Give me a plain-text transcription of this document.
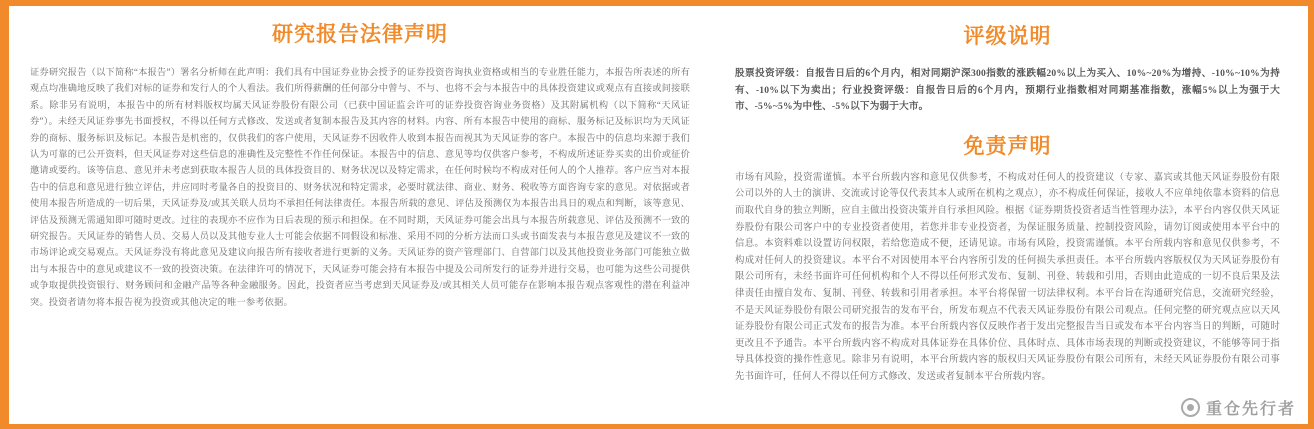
研究报告法律声明

证券研究报告（以下简称“本报告”）署名分析师在此声明：我们具有中国证券业协会授予的证券投资咨询执业资格或相当的专业胜任能力，本报告所表述的所有观点均准确地反映了我们对标的证券和发行人的个人看法。我们所得薪酬的任何部分中曾与、不与、也将不会与本报告中的具体投资建议或观点有直接或间接联系。除非另有说明，本报告中的所有材料版权均属天风证券股份有限公司（已获中国证监会许可的证券投资咨询业务资格）及其附属机构（以下简称“天风证券”）。未经天风证券事先书面授权，不得以任何方式修改、发送或者复制本报告及其内容的材料。内容、所有本报告中使用的商标、服务标记及标识均为天风证券的商标、服务标识及标记。本报告是机密的，仅供我们的客户使用，天风证券不因收件人收到本报告而视其为天风证券的客户。本报告中的信息均来源于我们认为可靠的已公开资料，但天风证券对这些信息的准确性及完整性不作任何保证。本报告中的信息、意见等均仅供客户参考，不构成所述证券买卖的出价或征价邀请或要约。该等信息、意见并未考虑到获取本报告人员的具体投资目的、财务状况以及特定需求，在任何时候均不构成对任何人的个人推荐。客户应当对本报告中的信息和意见进行独立评估，并应同时考量各自的投资目的、财务状况和特定需求，必要时就法律、商业、财务、税收等方面咨询专家的意见。对依据或者使用本报告所造成的一切后果，天风证券及/或其关联人员均不承担任何法律责任。本报告所载的意见、评估及预测仅为本报告出具日的观点和判断，该等意见、评估及预测无需通知即可随时更改。过往的表现亦不应作为日后表现的预示和担保。在不同时期，天风证券可能会出具与本报告所载意见、评估及预测不一致的研究报告。天风证券的销售人员、交易人员以及其他专业人士可能会依据不同假设和标准、采用不同的分析方法而口头或书面发表与本报告意见及建议不一致的市场评论或交易观点。天风证券没有将此意见及建议向报告所有接收者进行更新的义务。天风证券的资产管理部门、自营部门以及其他投资业务部门可能独立做出与本报告中的意见或建议不一致的投资决策。在法律许可的情况下，天风证券可能会持有本报告中提及公司所发行的证券并进行交易，也可能为这些公司提供或争取提供投资银行、财务顾问和金融产品等各种金融服务。因此，投资者应当考虑到天风证券及/或其相关人员可能存在影响本报告观点客观性的潜在利益冲突。投资者请勿将本报告视为投资或其他决定的唯一参考依据。

评级说明

股票投资评级：自报告日后的6个月内，相对同期沪深300指数的涨跌幅20%以上为买入、10%~20%为增持、-10%~10%为持有、-10%以下为卖出；行业投资评级：自报告日后的6个月内，预期行业指数相对同期基准指数，涨幅5%以上为强于大市、-5%~5%为中性、-5%以下为弱于大市。

免责声明

市场有风险，投资需谨慎。本平台所载内容和意见仅供参考，不构成对任何人的投资建议（专家、嘉宾或其他天风证券股份有限公司以外的人士的演讲、交流或讨论等仅代表其本人或所在机构之观点），亦不构成任何保证，接收人不应单纯依靠本资料的信息而取代自身的独立判断，应自主做出投资决策并自行承担风险。根据《证券期货投资者适当性管理办法》，本平台内容仅供天风证券股份有限公司客户中的专业投资者使用，若您并非专业投资者，为保证服务质量、控制投资风险，请勿订阅或使用本平台中的信息。本资料难以设置访问权限，若给您造成不便，还请见谅。市场有风险，投资需谨慎。本平台所载内容和意见仅供参考，不构成对任何人的投资建议。本平台不对因使用本平台内容所引发的任何损失承担责任。本平台所载内容版权仅为天风证券股份有限公司所有，未经书面许可任何机构和个人不得以任何形式发布、复制、刊登、转载和引用，否则由此造成的一切不良后果及法律责任由擅自发布、复制、刊登、转载和引用者承担。本平台将保留一切法律权利。本平台旨在沟通研究信息，交流研究经验，不是天风证券股份有限公司研究报告的发布平台，所发布观点不代表天风证券股份有限公司观点。任何完整的研究观点应以天风证券股份有限公司正式发布的报告为准。本平台所载内容仅反映作者于发出完整报告当日或发布本平台内容当日的判断，可随时更改且不予通告。本平台所载内容不构成对具体证券在具体价位、具体时点、具体市场表现的判断或投资建议，不能够等同于指导具体投资的操作性意见。除非另有说明，本平台所载内容的版权归天风证券股份有限公司所有，未经天风证券股份有限公司事先书面许可，任何人不得以任何方式修改、发送或者复制本平台所载内容。

重仓先行者
